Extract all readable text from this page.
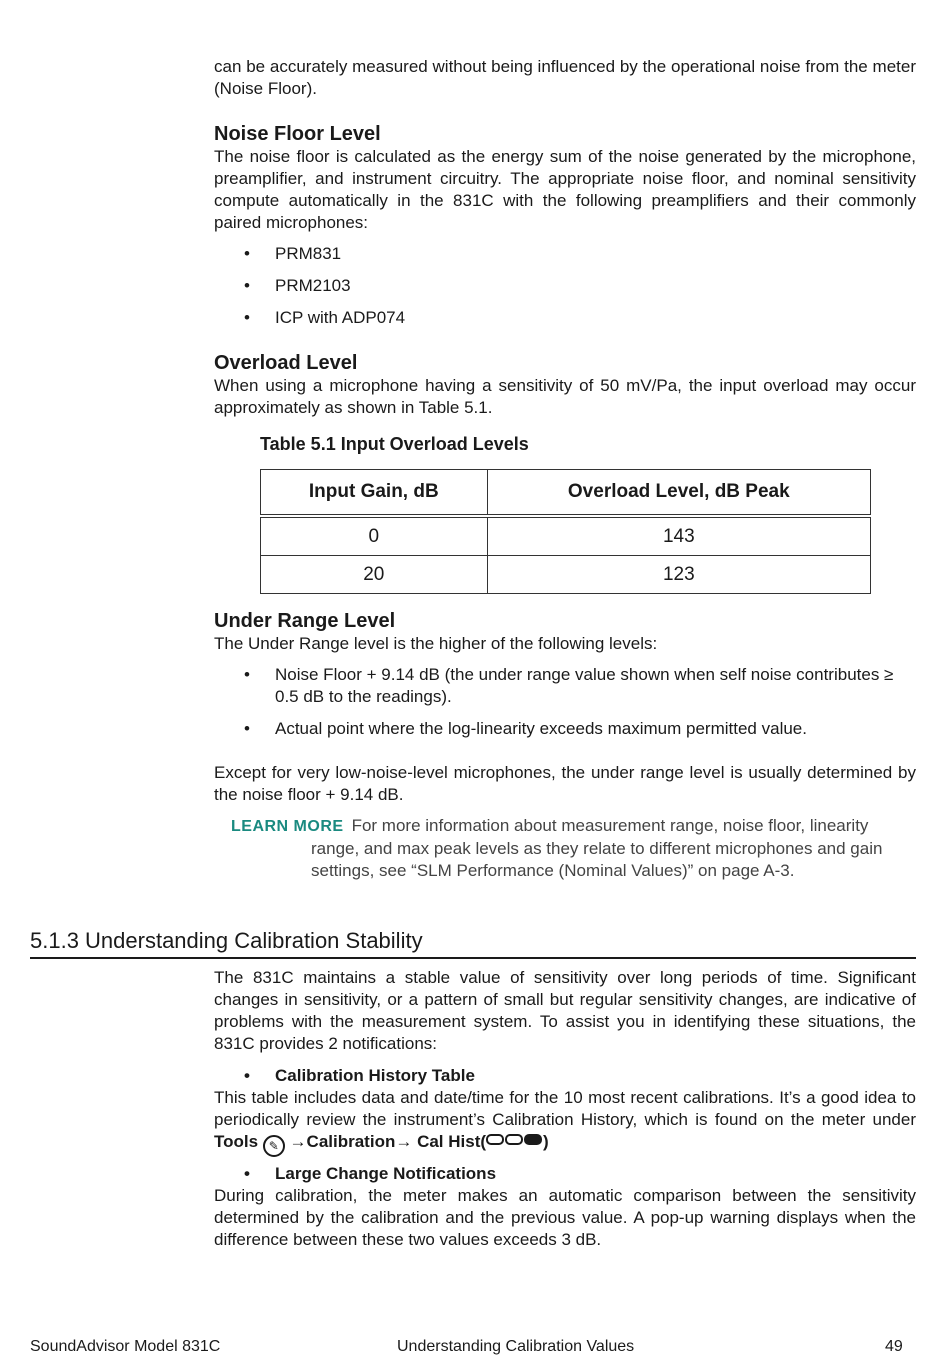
can be accurately measured without being influenced by the operational noise from the meter (Noise Floor).

Noise Floor Level

The noise floor is calculated as the energy sum of the noise generated by the microphone, preamplifier, and instrument circuitry. The appropriate noise floor, and nominal sensitivity compute automatically in the 831C with the following preamplifiers and their commonly paired microphones:

• PRM831
• PRM2103
• ICP with ADP074
Overload Level

When using a microphone having a sensitivity of 50 mV/Pa, the input overload may occur approximately as shown in Table 5.1.

Table 5.1 Input Overload Levels
Input Gain, dB	Overload Level, dB Peak
0	143
20	123
Under Range Level

The Under Range level is the higher of the following levels:

• Noise Floor + 9.14 dB (the under range value shown when self noise contributes ≥ 0.5 dB to the readings).
• Actual point where the log-linearity exceeds maximum permitted value.

Except for very low-noise-level microphones, the under range level is usually determined by the noise floor + 9.14 dB.

LEARN MORE For more information about measurement range, noise floor, linearity
range, and max peak levels as they relate to different microphones and gain settings, see “SLM Performance (Nominal Values)” on page A-3.
5.1.3 Understanding Calibration Stability

The 831C maintains a stable value of sensitivity over long periods of time. Significant changes in sensitivity, or a pattern of small but regular sensitivity changes, are indicative of problems with the measurement system. To assist you in identifying these situations, the 831C provides 2 notifications:

• Calibration History Table

This table includes data and date/time for the 10 most recent calibrations. It’s a good idea to periodically review the instrument’s Calibration History, which is found on the meter under Tools ✎ →Calibration→ Cal Hist(	)

• Large Change Notifications

During calibration, the meter makes an automatic comparison between the sensitivity determined by the calibration and the previous value. A pop-up warning displays when the difference between these two values exceeds 3 dB.

SoundAdvisor Model 831C	Understanding Calibration Values	49
